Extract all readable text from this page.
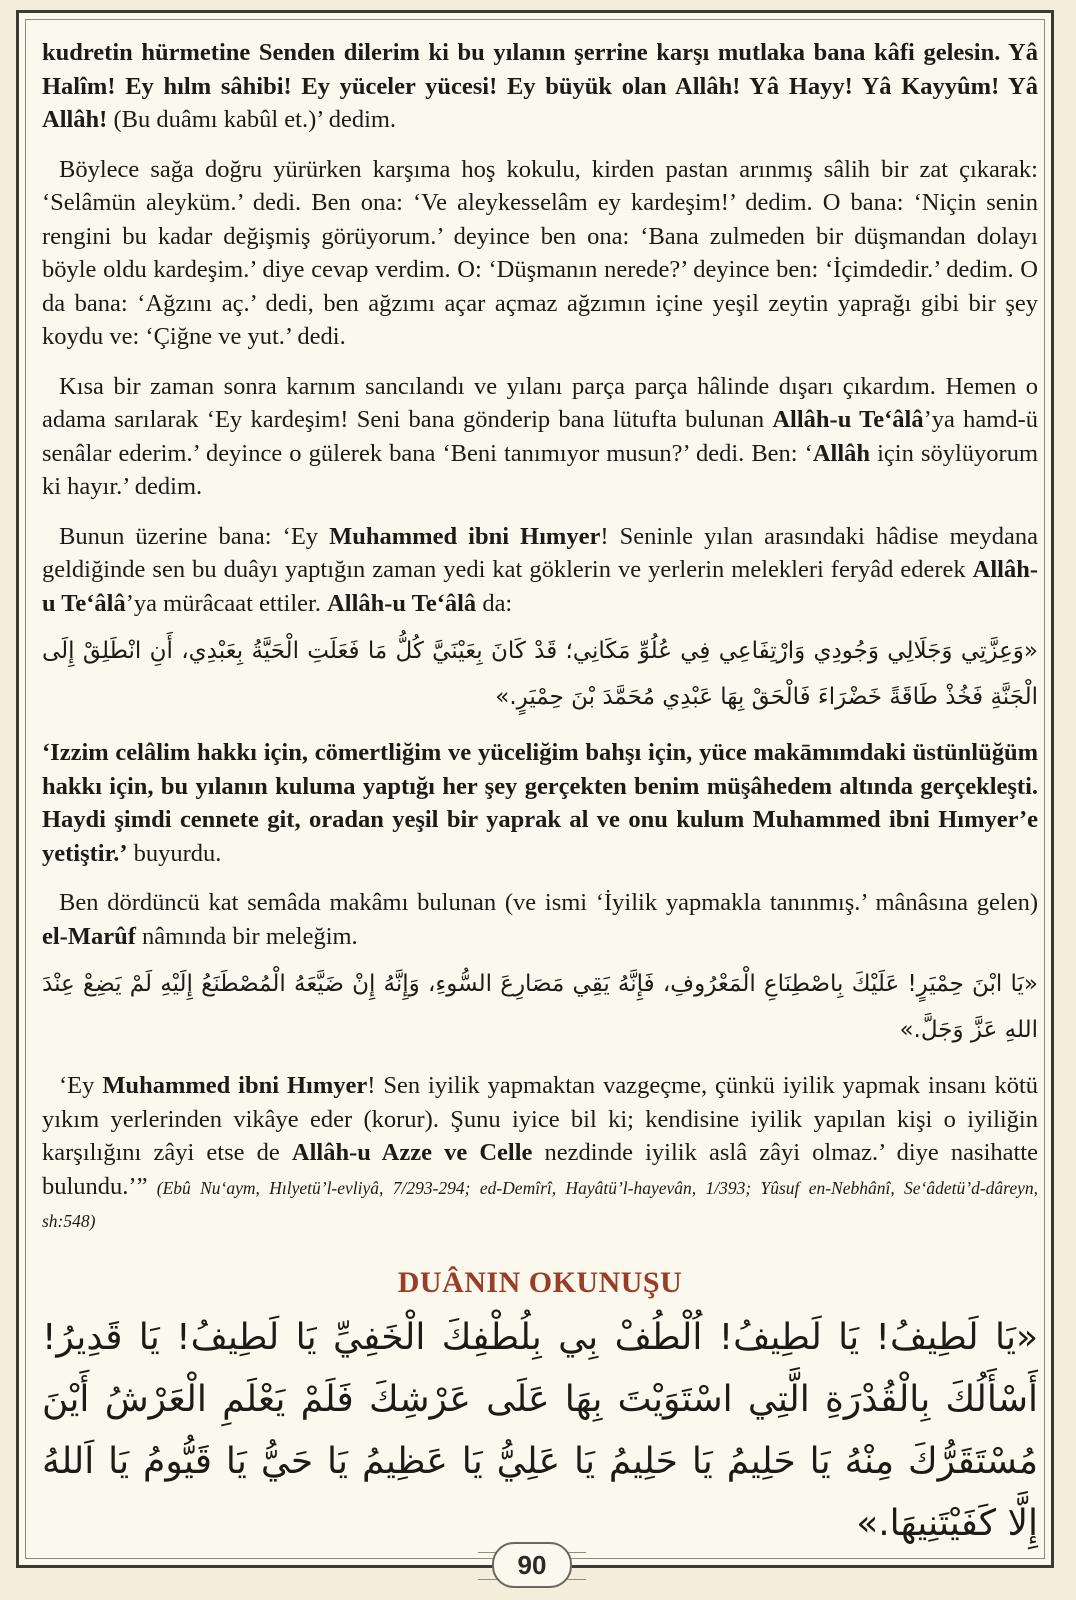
kudretin hürmetine Senden dilerim ki bu yılanın şerrine karşı mutlaka bana kâfi gelesin. Yâ Halîm! Ey hılm sâhibi! Ey yüceler yücesi! Ey büyük olan Allâh! Yâ Hayy! Yâ Kayyûm! Yâ Allâh! (Bu duâmı kabûl et.)’ dedim.

Böylece sağa doğru yürürken karşıma hoş kokulu, kirden pastan arınmış sâlih bir zat çıkarak: ‘Selâmün aleyküm.’ dedi. Ben ona: ‘Ve aleykesselâm ey kardeşim!’ dedim. O bana: ‘Niçin senin rengini bu kadar değişmiş görüyorum.’ deyince ben ona: ‘Bana zulmeden bir düşmandan dolayı böyle oldu kardeşim.’ diye cevap verdim. O: ‘Düşmanın nerede?’ deyince ben: ‘İçimdedir.’ dedim. O da bana: ‘Ağzını aç.’ dedi, ben ağzımı açar açmaz ağzımın içine yeşil zeytin yaprağı gibi bir şey koydu ve: ‘Çiğne ve yut.’ dedi.

Kısa bir zaman sonra karnım sancılandı ve yılanı parça parça hâlinde dışarı çıkardım. Hemen o adama sarılarak ‘Ey kardeşim! Seni bana gönderip bana lütufta bulunan Allâh-u Te‘âlâ’ya hamd-ü senâlar ederim.’ deyince o gülerek bana ‘Beni tanımıyor musun?’ dedi. Ben: ‘Allâh için söylüyorum ki hayır.’ dedim.

Bunun üzerine bana: ‘Ey Muhammed ibni Hımyer! Seninle yılan arasındaki hâdise meydana geldiğinde sen bu duâyı yaptığın zaman yedi kat göklerin ve yerlerin melekleri feryâd ederek Allâh-u Te‘âlâ’ya mürâcaat ettiler. Allâh-u Te‘âlâ da:

«وَعِزَّتِي وَجَلَالِي وَجُودِي وَارْتِفَاعِي فِي عُلُوِّ مَكَانِي؛ قَدْ كَانَ بِعَيْنَيَّ كُلُّ مَا فَعَلَتِ الْحَيَّةُ بِعَبْدِي، أَنِ انْطَلِقْ إِلَى الْجَنَّةِ فَخُذْ طَاقَةً خَضْرَاءَ فَالْحَقْ بِهَا عَبْدِي مُحَمَّدَ بْنَ حِمْيَرٍ.»

‘Izzim celâlim hakkı için, cömertliğim ve yüceliğim bahşı için, yüce makāmımdaki üstünlüğüm hakkı için, bu yılanın kuluma yaptığı her şey gerçekten benim müşâhedem altında gerçekleşti. Haydi şimdi cennete git, oradan yeşil bir yaprak al ve onu kulum Muhammed ibni Hımyer’e yetiştir.’ buyurdu.

Ben dördüncü kat semâda makâmı bulunan (ve ismi ‘İyilik yapmakla tanınmış.’ mânâsına gelen) el-Marûf nâmında bir meleğim.

«يَا ابْنَ حِمْيَرٍ! عَلَيْكَ بِاصْطِنَاعِ الْمَعْرُوفِ، فَإِنَّهُ يَقِي مَصَارِعَ السُّوءِ، وَإِنَّهُ إِنْ ضَيَّعَهُ الْمُصْطَنَعُ إِلَيْهِ لَمْ يَضِعْ عِنْدَ اللهِ عَزَّ وَجَلَّ.»

‘Ey Muhammed ibni Hımyer! Sen iyilik yapmaktan vazgeçme, çünkü iyilik yapmak insanı kötü yıkım yerlerinden vikâye eder (korur). Şunu iyice bil ki; kendisine iyilik yapılan kişi o iyiliğin karşılığını zâyi etse de Allâh-u Azze ve Celle nezdinde iyilik aslâ zâyi olmaz.’ diye nasihatte bulundu.’” (Ebû Nu‘aym, Hılyetü’l-evliyâ, 7/293-294; ed-Demîrî, Hayâtü’l-hayevân, 1/393; Yûsuf en-Nebhânî, Se‘âdetü’d-dâreyn, sh:548)

DUÂNIN OKUNUŞU

«يَا لَطِيفُ! يَا لَطِيفُ! اُلْطُفْ بِي بِلُطْفِكَ الْخَفِيِّ يَا لَطِيفُ! يَا قَدِيرُ! أَسْأَلُكَ بِالْقُدْرَةِ الَّتِي اسْتَوَيْتَ بِهَا عَلَى عَرْشِكَ فَلَمْ يَعْلَمِ الْعَرْشُ أَيْنَ مُسْتَقَرُّكَ مِنْهُ يَا حَلِيمُ يَا حَلِيمُ يَا عَلِيُّ يَا عَظِيمُ يَا حَيُّ يَا قَيُّومُ يَا اَللهُ إِلَّا كَفَيْتَنِيهَا.»

90
